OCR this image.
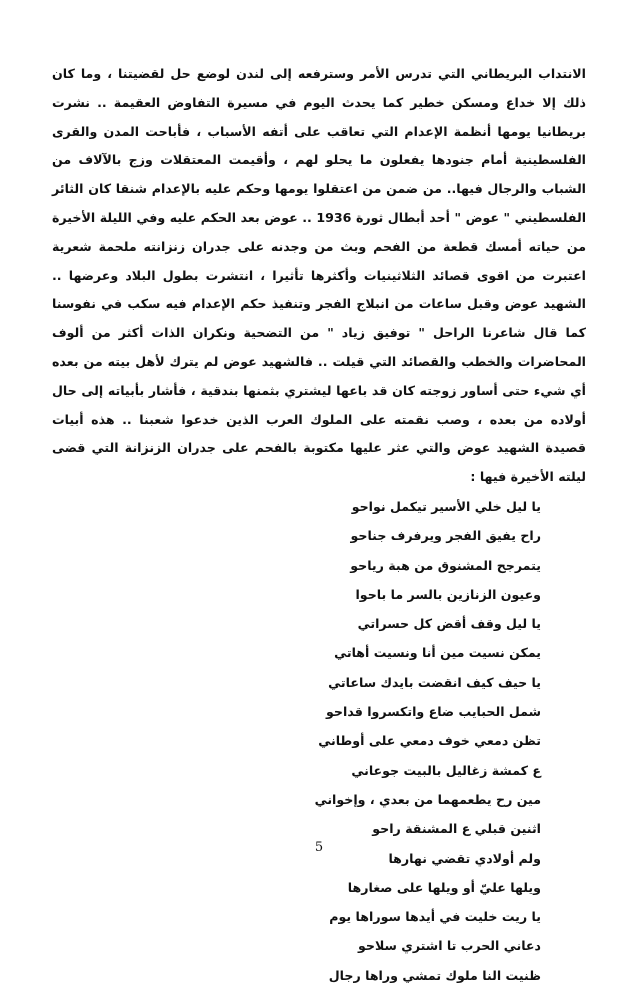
الانتداب البريطاني التي تدرس الأمر وسترفعه إلى لندن لوضع حل لقضيتنا ، وما كان ذلك إلا خداع ومسكن خطير كما يحدث اليوم في مسيرة التفاوض العقيمة .. نشرت بريطانيا يومها أنظمة الإعدام التي تعاقب على أتفه الأسباب ، فأباحت المدن والقرى الفلسطينية أمام جنودها يفعلون ما يحلو لهم ، وأقيمت المعتقلات وزج بالآلاف من الشباب والرجال فيها.. من ضمن من اعتقلوا يومها وحكم عليه بالإعدام شنقا كان الثائر الفلسطيني " عوض " أحد أبطال ثورة 1936 .. عوض بعد الحكم عليه وفي الليلة الأخيرة من حياته أمسك قطعة من الفحم وبث من وجدنه على جدران زنزانته ملحمة شعرية اعتبرت من اقوى قصائد الثلاثينيات وأكثرها تأثيرا ، انتشرت بطول البلاد وعرضها .. الشهيد عوض وقبل ساعات من انبلاج الفجر وتنفيذ حكم الإعدام فيه سكب في نفوسنا كما قال شاعرنا الراحل " توفيق زياد " من التضحية ونكران الذات أكثر من ألوف المحاضرات والخطب والقصائد التي قيلت .. فالشهيد عوض لم يترك لأهل بيته من بعده أي شيء حتى أساور زوجته كان قد باعها ليشتري بثمنها بندقية ، فأشار بأبياته إلى حال أولاده من بعده ، وصب نقمته على الملوك العرب الذين خدعوا شعبنا .. هذه أبيات قصيدة الشهيد عوض والتي عثر عليها مكتوبة بالفحم على جدران الزنزانة التي قضى ليلته الأخيرة فيها :

يا ليل خلي الأسير تيكمل نواحو
راح يفيق الفجر ويرفرف جناحو
يتمرجح المشنوق من هبة رياحو
وعيون الزنازين بالسر ما باحوا
يا ليل وقف أقض كل حسراتي
يمكن نسيت مين أنا ونسيت أهاتي
يا حيف كيف انقضت بايدك ساعاتي
شمل الحبايب ضاع واتكسروا قداحو
تظن دمعي خوف دمعي على أوطاني
ع كمشة زغاليل بالبيت جوعاني
مين رح يطعمهما من بعدي ، وإخواني
اثنين قبلي ع المشنقة راحو
ولم أولادي تقضي نهارها
ويلها عليّ أو ويلها على صغارها
يا ريت خليت في أيدها سوراها يوم
دعاني الحرب تا اشتري سلاحو
ظنيت النا ملوك تمشي وراها رجال
5
